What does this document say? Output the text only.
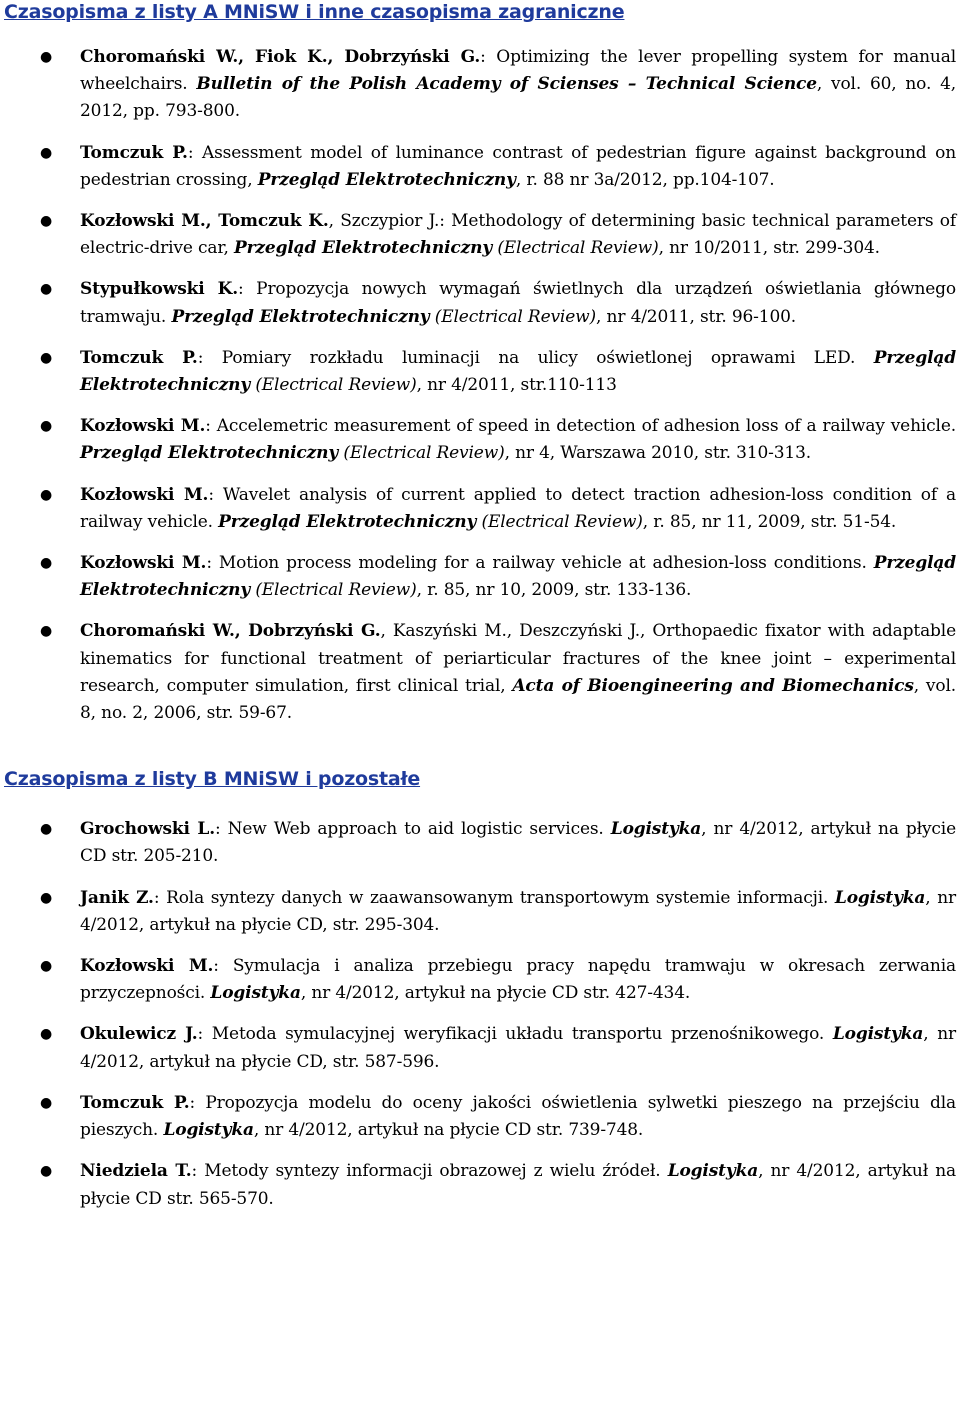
Czasopisma z listy A MNiSW i inne czasopisma zagraniczne
● Choromański W., Fiok K., Dobrzyński G.: Optimizing the lever propelling system for manual wheelchairs. Bulletin of the Polish Academy of Scienses – Technical Science, vol. 60, no. 4, 2012, pp. 793-800.
● Tomczuk P.: Assessment model of luminance contrast of pedestrian figure against background on pedestrian crossing, Przegląd Elektrotechniczny, r. 88 nr 3a/2012, pp.104-107.
● Kozłowski M., Tomczuk K., Szczypior J.: Methodology of determining basic technical parameters of electric-drive car, Przegląd Elektrotechniczny (Electrical Review), nr 10/2011, str. 299-304.
● Stypułkowski K.: Propozycja nowych wymagań świetlnych dla urządzeń oświetlania głównego tramwaju. Przegląd Elektrotechniczny (Electrical Review), nr 4/2011, str. 96-100.
● Tomczuk P.: Pomiary rozkładu luminacji na ulicy oświetlonej oprawami LED. Przegląd Elektrotechniczny (Electrical Review), nr 4/2011, str.110-113
● Kozłowski M.: Accelemetric measurement of speed in detection of adhesion loss of a railway vehicle. Przegląd Elektrotechniczny (Electrical Review), nr 4, Warszawa 2010, str. 310-313.
● Kozłowski M.: Wavelet analysis of current applied to detect traction adhesion-loss condition of a railway vehicle. Przegląd Elektrotechniczny (Electrical Review), r. 85, nr 11, 2009, str. 51-54.
● Kozłowski M.: Motion process modeling for a railway vehicle at adhesion-loss conditions. Przegląd Elektrotechniczny (Electrical Review), r. 85, nr 10, 2009, str. 133-136.
● Choromański W., Dobrzyński G., Kaszyński M., Deszczyński J., Orthopaedic fixator with adaptable kinematics for functional treatment of periarticular fractures of the knee joint – experimental research, computer simulation, first clinical trial, Acta of Bioengineering and Biomechanics, vol. 8, no. 2, 2006, str. 59-67.
Czasopisma z listy B MNiSW i pozostałe
● Grochowski L.: New Web approach to aid logistic services. Logistyka, nr 4/2012, artykuł na płycie CD str. 205-210.
● Janik Z.: Rola syntezy danych w zaawansowanym transportowym systemie informacji. Logistyka, nr 4/2012, artykuł na płycie CD, str. 295-304.
● Kozłowski M.: Symulacja i analiza przebiegu pracy napędu tramwaju w okresach zerwania przyczepności. Logistyka, nr 4/2012, artykuł na płycie CD str. 427-434.
● Okulewicz J.: Metoda symulacyjnej weryfikacji układu transportu przenośnikowego. Logistyka, nr 4/2012, artykuł na płycie CD, str. 587-596.
● Tomczuk P.: Propozycja modelu do oceny jakości oświetlenia sylwetki pieszego na przejściu dla pieszych. Logistyka, nr 4/2012, artykuł na płycie CD str. 739-748.
● Niedziela T.: Metody syntezy informacji obrazowej z wielu źródeł. Logistyka, nr 4/2012, artykuł na płycie CD str. 565-570.
